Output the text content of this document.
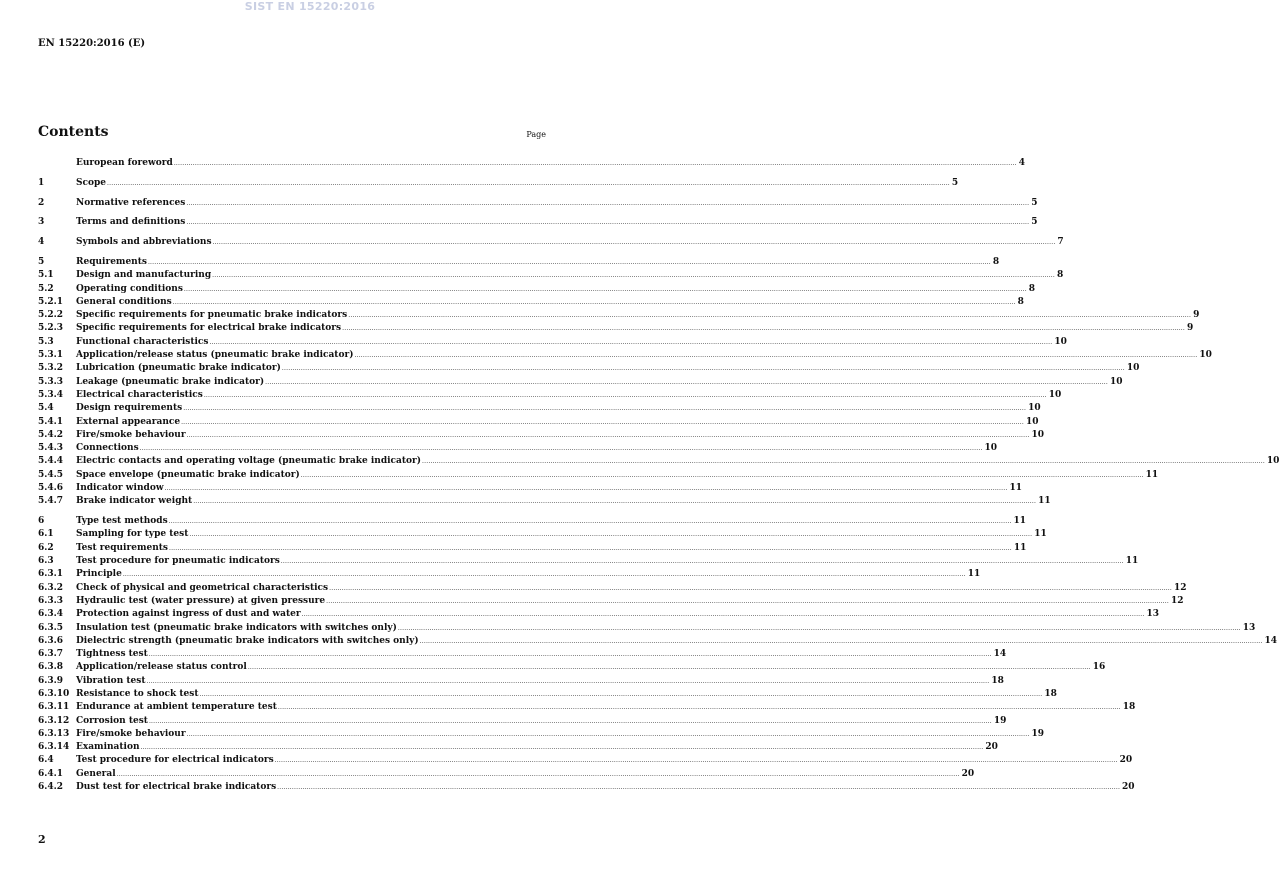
SIST EN 15220:2016
EN 15220:2016 (E)
Contents	Page
European foreword ................................................................................................................................................................................................................................................................................................................................................................................................................ 4
1	Scope ................................................................................................................................................................................................................................................................................................................................................................................................................ 5
2	Normative references ................................................................................................................................................................................................................................................................................................................................................................................................................ 5
3	Terms and definitions ................................................................................................................................................................................................................................................................................................................................................................................................................ 5
4	Symbols and abbreviations ................................................................................................................................................................................................................................................................................................................................................................................................................ 7
5	Requirements ................................................................................................................................................................................................................................................................................................................................................................................................................ 8
5.1	Design and manufacturing ................................................................................................................................................................................................................................................................................................................................................................................................................ 8
5.2	Operating conditions ................................................................................................................................................................................................................................................................................................................................................................................................................ 8
5.2.1	General conditions ................................................................................................................................................................................................................................................................................................................................................................................................................ 8
5.2.2	Specific requirements for pneumatic brake indicators ................................................................................................................................................................................................................................................................................................................................................................................................................ 9
5.2.3	Specific requirements for electrical brake indicators ................................................................................................................................................................................................................................................................................................................................................................................................................ 9
5.3	Functional characteristics ................................................................................................................................................................................................................................................................................................................................................................................................................ 10
5.3.1	Application/release status (pneumatic brake indicator) ................................................................................................................................................................................................................................................................................................................................................................................................................ 10
5.3.2	Lubrication (pneumatic brake indicator) ................................................................................................................................................................................................................................................................................................................................................................................................................ 10
5.3.3	Leakage (pneumatic brake indicator) ................................................................................................................................................................................................................................................................................................................................................................................................................ 10
5.3.4	Electrical characteristics ................................................................................................................................................................................................................................................................................................................................................................................................................ 10
5.4	Design requirements ................................................................................................................................................................................................................................................................................................................................................................................................................ 10
5.4.1	External appearance ................................................................................................................................................................................................................................................................................................................................................................................................................ 10
5.4.2	Fire/smoke behaviour ................................................................................................................................................................................................................................................................................................................................................................................................................ 10
5.4.3	Connections ................................................................................................................................................................................................................................................................................................................................................................................................................ 10
5.4.4	Electric contacts and operating voltage (pneumatic brake indicator) ................................................................................................................................................................................................................................................................................................................................................................................................................ 10
5.4.5	Space envelope (pneumatic brake indicator) ................................................................................................................................................................................................................................................................................................................................................................................................................ 11
5.4.6	Indicator window ................................................................................................................................................................................................................................................................................................................................................................................................................ 11
5.4.7	Brake indicator weight ................................................................................................................................................................................................................................................................................................................................................................................................................ 11
6	Type test methods ................................................................................................................................................................................................................................................................................................................................................................................................................ 11
6.1	Sampling for type test ................................................................................................................................................................................................................................................................................................................................................................................................................ 11
6.2	Test requirements ................................................................................................................................................................................................................................................................................................................................................................................................................ 11
6.3	Test procedure for pneumatic indicators ................................................................................................................................................................................................................................................................................................................................................................................................................ 11
6.3.1	Principle ................................................................................................................................................................................................................................................................................................................................................................................................................ 11
6.3.2	Check of physical and geometrical characteristics ................................................................................................................................................................................................................................................................................................................................................................................................................ 12
6.3.3	Hydraulic test (water pressure) at given pressure ................................................................................................................................................................................................................................................................................................................................................................................................................ 12
6.3.4	Protection against ingress of dust and water ................................................................................................................................................................................................................................................................................................................................................................................................................ 13
6.3.5	Insulation test (pneumatic brake indicators with switches only) ................................................................................................................................................................................................................................................................................................................................................................................................................ 13
6.3.6	Dielectric strength (pneumatic brake indicators with switches only) ................................................................................................................................................................................................................................................................................................................................................................................................................ 14
6.3.7	Tightness test ................................................................................................................................................................................................................................................................................................................................................................................................................ 14
6.3.8	Application/release status control ................................................................................................................................................................................................................................................................................................................................................................................................................ 16
6.3.9	Vibration test ................................................................................................................................................................................................................................................................................................................................................................................................................ 18
6.3.10 Resistance to shock test ................................................................................................................................................................................................................................................................................................................................................................................................................ 18
6.3.11 Endurance at ambient temperature test ................................................................................................................................................................................................................................................................................................................................................................................................................ 18
6.3.12 Corrosion test ................................................................................................................................................................................................................................................................................................................................................................................................................ 19
6.3.13 Fire/smoke behaviour ................................................................................................................................................................................................................................................................................................................................................................................................................ 19
6.3.14 Examination ................................................................................................................................................................................................................................................................................................................................................................................................................ 20
6.4	Test procedure for electrical indicators ................................................................................................................................................................................................................................................................................................................................................................................................................ 20
6.4.1	General ................................................................................................................................................................................................................................................................................................................................................................................................................ 20
6.4.2	Dust test for electrical brake indicators ................................................................................................................................................................................................................................................................................................................................................................................................................ 20
2
